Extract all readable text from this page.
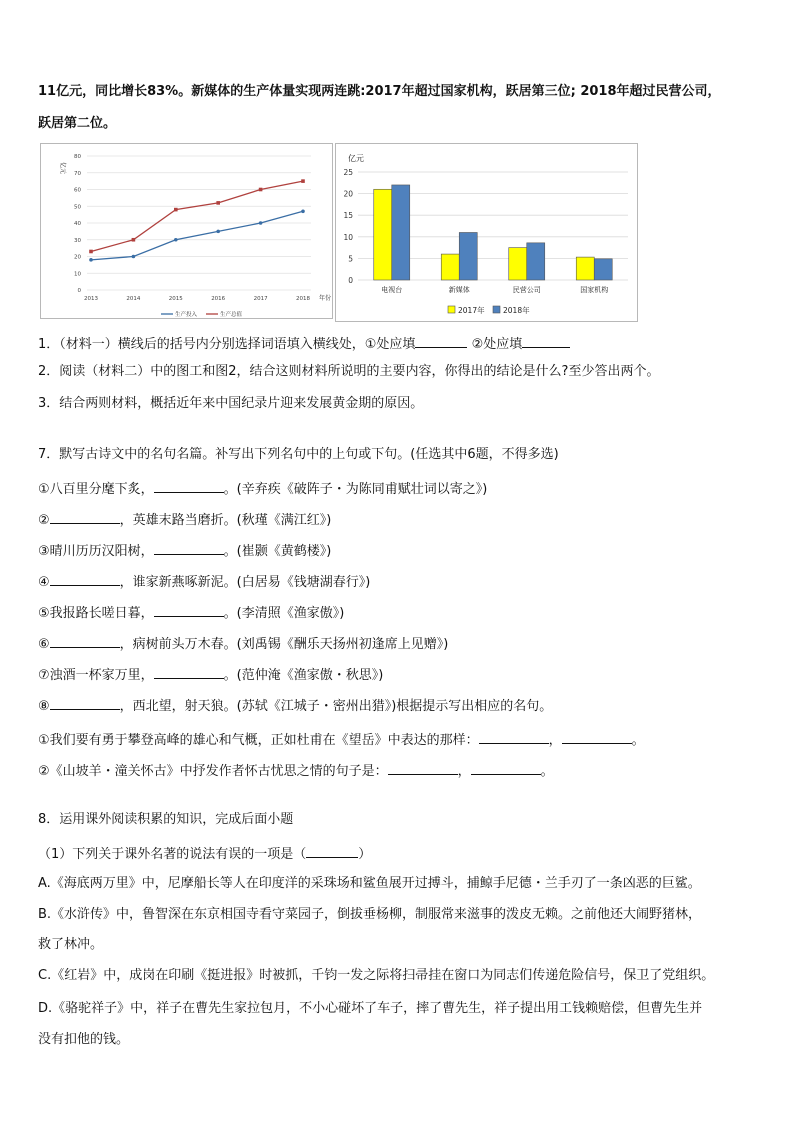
11亿元，同比增长83%。新媒体的生产体量实现两连跳:2017年超过国家机构，跃居第三位; 2018年超过民营公司，
跃居第二位。
0
10
20
30
40
50
60
70
80
亿元
2013	2014	2015	2016	2017	2018 年份
生产投入	生产总值
亿元
0
5
10
15
20
25
电视台	新媒体	民营公司	国家机构
2017年 2018年
1．（材料一）横线后的括号内分别选择词语填入横线处，①处应填	②处应填
2．阅读（材料二）中的图工和图2，结合这则材料所说明的主要内容，你得出的结论是什么?至少答出两个。
3．结合两则材料，概括近年来中国纪录片迎来发展黄金期的原因。
7．默写古诗文中的名句名篇。补写出下列名句中的上句或下句。(任选其中6题，不得多选)
①八百里分麾下炙，	。(辛弃疾《破阵子・为陈同甫赋壮词以寄之》)
②	，英雄末路当磨折。(秋瑾《满江红》)
③晴川历历汉阳树，	。(崔颢《黄鹤楼》)
④	，谁家新燕啄新泥。(白居易《钱塘湖春行》)
⑤我报路长嗟日暮，	。(李清照《渔家傲》)
⑥	，病树前头万木春。(刘禹锡《酬乐天扬州初逢席上见赠》)
⑦浊酒一杯家万里，	。(范仲淹《渔家傲・秋思》)
⑧	，西北望，射天狼。(苏轼《江城子・密州出猎》)根据提示写出相应的名句。
①我们要有勇于攀登高峰的雄心和气概，正如杜甫在《望岳》中表达的那样：	，	。
②《山坡羊・潼关怀古》中抒发作者怀古忧思之情的句子是：	，	。
8．运用课外阅读积累的知识，完成后面小题
（1）下列关于课外名著的说法有误的一项是（	）
A.《海底两万里》中，尼摩船长等人在印度洋的采珠场和鲨鱼展开过搏斗，捕鲸手尼德・兰手刃了一条凶恶的巨鲨。
B.《水浒传》中，鲁智深在东京相国寺看守菜园子，倒拔垂杨柳，制服常来滋事的泼皮无赖。之前他还大闹野猪林，
救了林冲。
C.《红岩》中，成岗在印刷《挺进报》时被抓，千钧一发之际将扫帚挂在窗口为同志们传递危险信号，保卫了党组织。
D.《骆驼祥子》中，祥子在曹先生家拉包月，不小心碰坏了车子，摔了曹先生，祥子提出用工钱赖赔偿，但曹先生并
没有扣他的钱。
